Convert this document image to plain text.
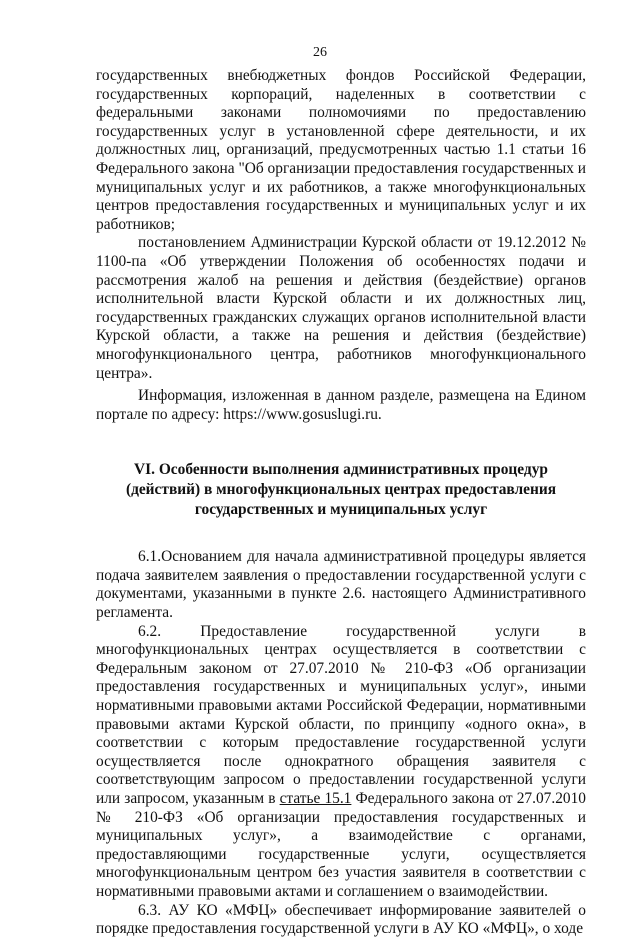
26

государственных внебюджетных фондов Российской Федерации, государственных корпораций, наделенных в соответствии с федеральными законами полномочиями по предоставлению государственных услуг в установленной сфере деятельности, и их должностных лиц, организаций, предусмотренных частью 1.1 статьи 16 Федерального закона "Об организации предоставления государственных и муниципальных услуг и их работников, а также многофункциональных центров предоставления государственных и муниципальных услуг и их работников;

постановлением Администрации Курской области от 19.12.2012 № 1100-па «Об утверждении Положения об особенностях подачи и рассмотрения жалоб на решения и действия (бездействие) органов исполнительной власти Курской области и их должностных лиц, государственных гражданских служащих органов исполнительной власти Курской области, а также на решения и действия (бездействие) многофункционального центра, работников многофункционального центра».

Информация, изложенная в данном разделе, размещена на Едином портале по адресу: https://www.gosuslugi.ru.

VI. Особенности выполнения административных процедур
(действий) в многофункциональных центрах предоставления
государственных и муниципальных услуг

6.1.Основанием для начала административной процедуры является подача заявителем заявления о предоставлении государственной услуги с документами, указанными в пункте 2.6. настоящего Административного регламента.

6.2. Предоставление государственной услуги в многофункциональных центрах осуществляется в соответствии с Федеральным законом от 27.07.2010 № 210-ФЗ «Об организации предоставления государственных и муниципальных услуг», иными нормативными правовыми актами Российской Федерации, нормативными правовыми актами Курской области, по принципу «одного окна», в соответствии с которым предоставление государственной услуги осуществляется после однократного обращения заявителя с соответствующим запросом о предоставлении государственной услуги или запросом, указанным в статье 15.1 Федерального закона от 27.07.2010 № 210-ФЗ «Об организации предоставления государственных и муниципальных услуг», а взаимодействие с органами, предоставляющими государственные услуги, осуществляется многофункциональным центром без участия заявителя в соответствии с нормативными правовыми актами и соглашением о взаимодействии.

6.3. АУ КО «МФЦ» обеспечивает информирование заявителей о порядке предоставления государственной услуги в АУ КО «МФЦ», о ходе
